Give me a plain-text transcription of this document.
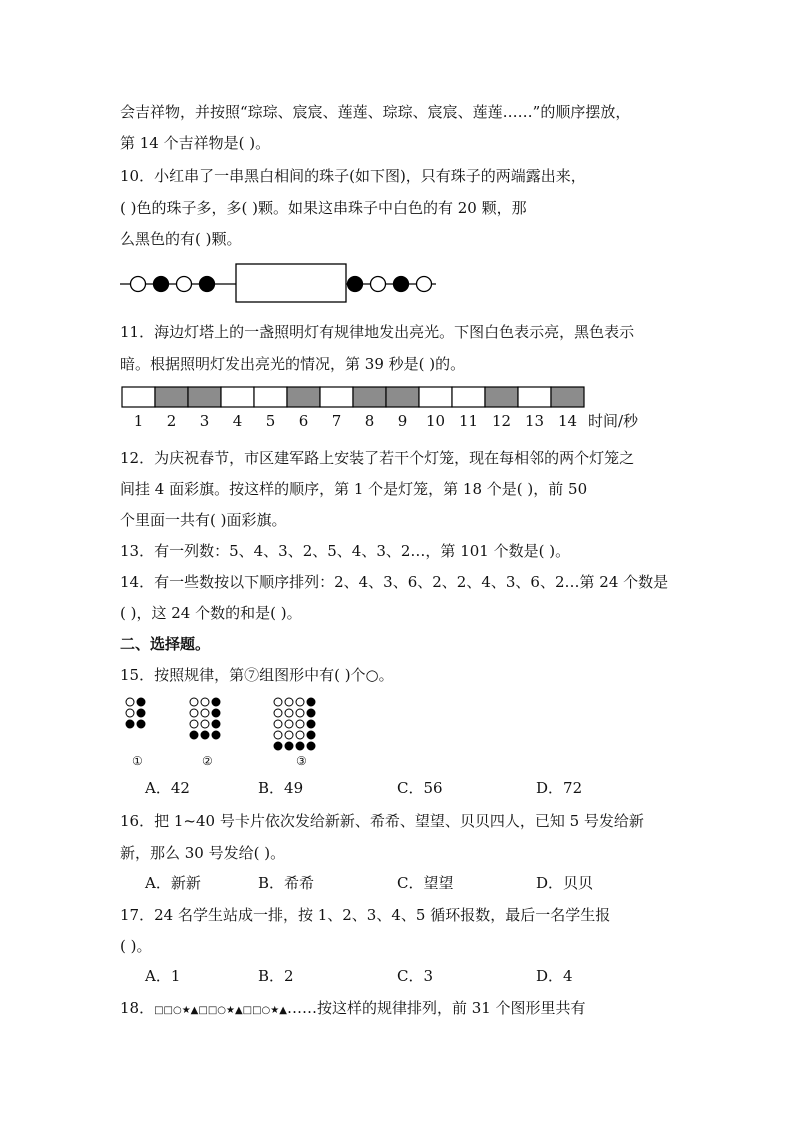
会吉祥物，并按照“琮琮、宸宸、莲莲、琮琮、宸宸、莲莲……”的顺序摆放，
第 14 个吉祥物是( )。
10．小红串了一串黑白相间的珠子(如下图)，只有珠子的两端露出来，
( )色的珠子多，多( )颗。如果这串珠子中白色的有 20 颗，那
么黑色的有( )颗。
11．海边灯塔上的一盏照明灯有规律地发出亮光。下图白色表示亮，黑色表示
暗。根据照明灯发出亮光的情况，第 39 秒是( )的。
1	2	3	4	5	6	7	8	9	10 11 12 13 14 时间/秒
12．为庆祝春节，市区建军路上安装了若干个灯笼，现在每相邻的两个灯笼之
间挂 4 面彩旗。按这样的顺序，第 1 个是灯笼，第 18 个是( )，前 50
个里面一共有( )面彩旗。
13．有一列数：5、4、3、2、5、4、3、2…，第 101 个数是( )。
14．有一些数按以下顺序排列：2、4、3、6、2、2、4、3、6、2…第 24 个数是
( )，这 24 个数的和是( )。
二、选择题。
15．按照规律，第⑦组图形中有( )个○。
①	②	③
A．42	B．49	C．56	D．72
16．把 1~40 号卡片依次发给新新、希希、望望、贝贝四人，已知 5 号发给新
新，那么 30 号发给( )。
A．新新	B．希希	C．望望	D．贝贝
17．24 名学生站成一排，按 1、2、3、4、5 循环报数，最后一名学生报
( )。
A．1	B．2	C．3	D．4
18．□□○★▲□□○★▲□□○★▲……按这样的规律排列，前 31 个图形里共有
